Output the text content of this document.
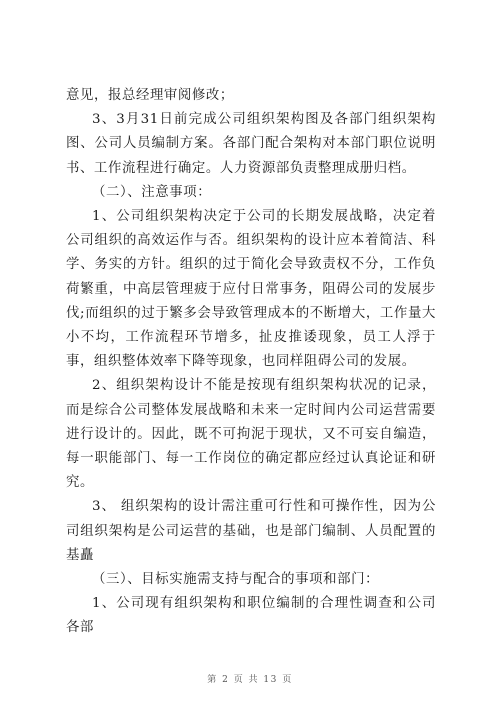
意见，报总经理审阅修改；

3、3月31日前完成公司组织架构图及各部门组织架构图、公司人员编制方案。各部门配合架构对本部门职位说明书、工作流程进行确定。人力资源部负责整理成册归档。

（二）、注意事项：

1、公司组织架构决定于公司的长期发展战略，决定着公司组织的高效运作与否。组织架构的设计应本着简洁、科学、务实的方针。组织的过于简化会导致责权不分，工作负荷繁重，中高层管理疲于应付日常事务，阻碍公司的发展步伐;而组织的过于繁多会导致管理成本的不断增大，工作量大小不均，工作流程环节增多，扯皮推诿现象，员工人浮于事，组织整体效率下降等现象，也同样阻碍公司的发展。

2、组织架构设计不能是按现有组织架构状况的记录，而是综合公司整体发展战略和未来一定时间内公司运营需要进行设计的。因此，既不可拘泥于现状，又不可妄自编造，每一职能部门、每一工作岗位的确定都应经过认真论证和研究。

3、 组织架构的设计需注重可行性和可操作性，因为公司组织架构是公司运营的基础，也是部门编制、人员配置的基矗

（三）、目标实施需支持与配合的事项和部门：

1、公司现有组织架构和职位编制的合理性调查和公司各部

第 2 页 共 13 页
